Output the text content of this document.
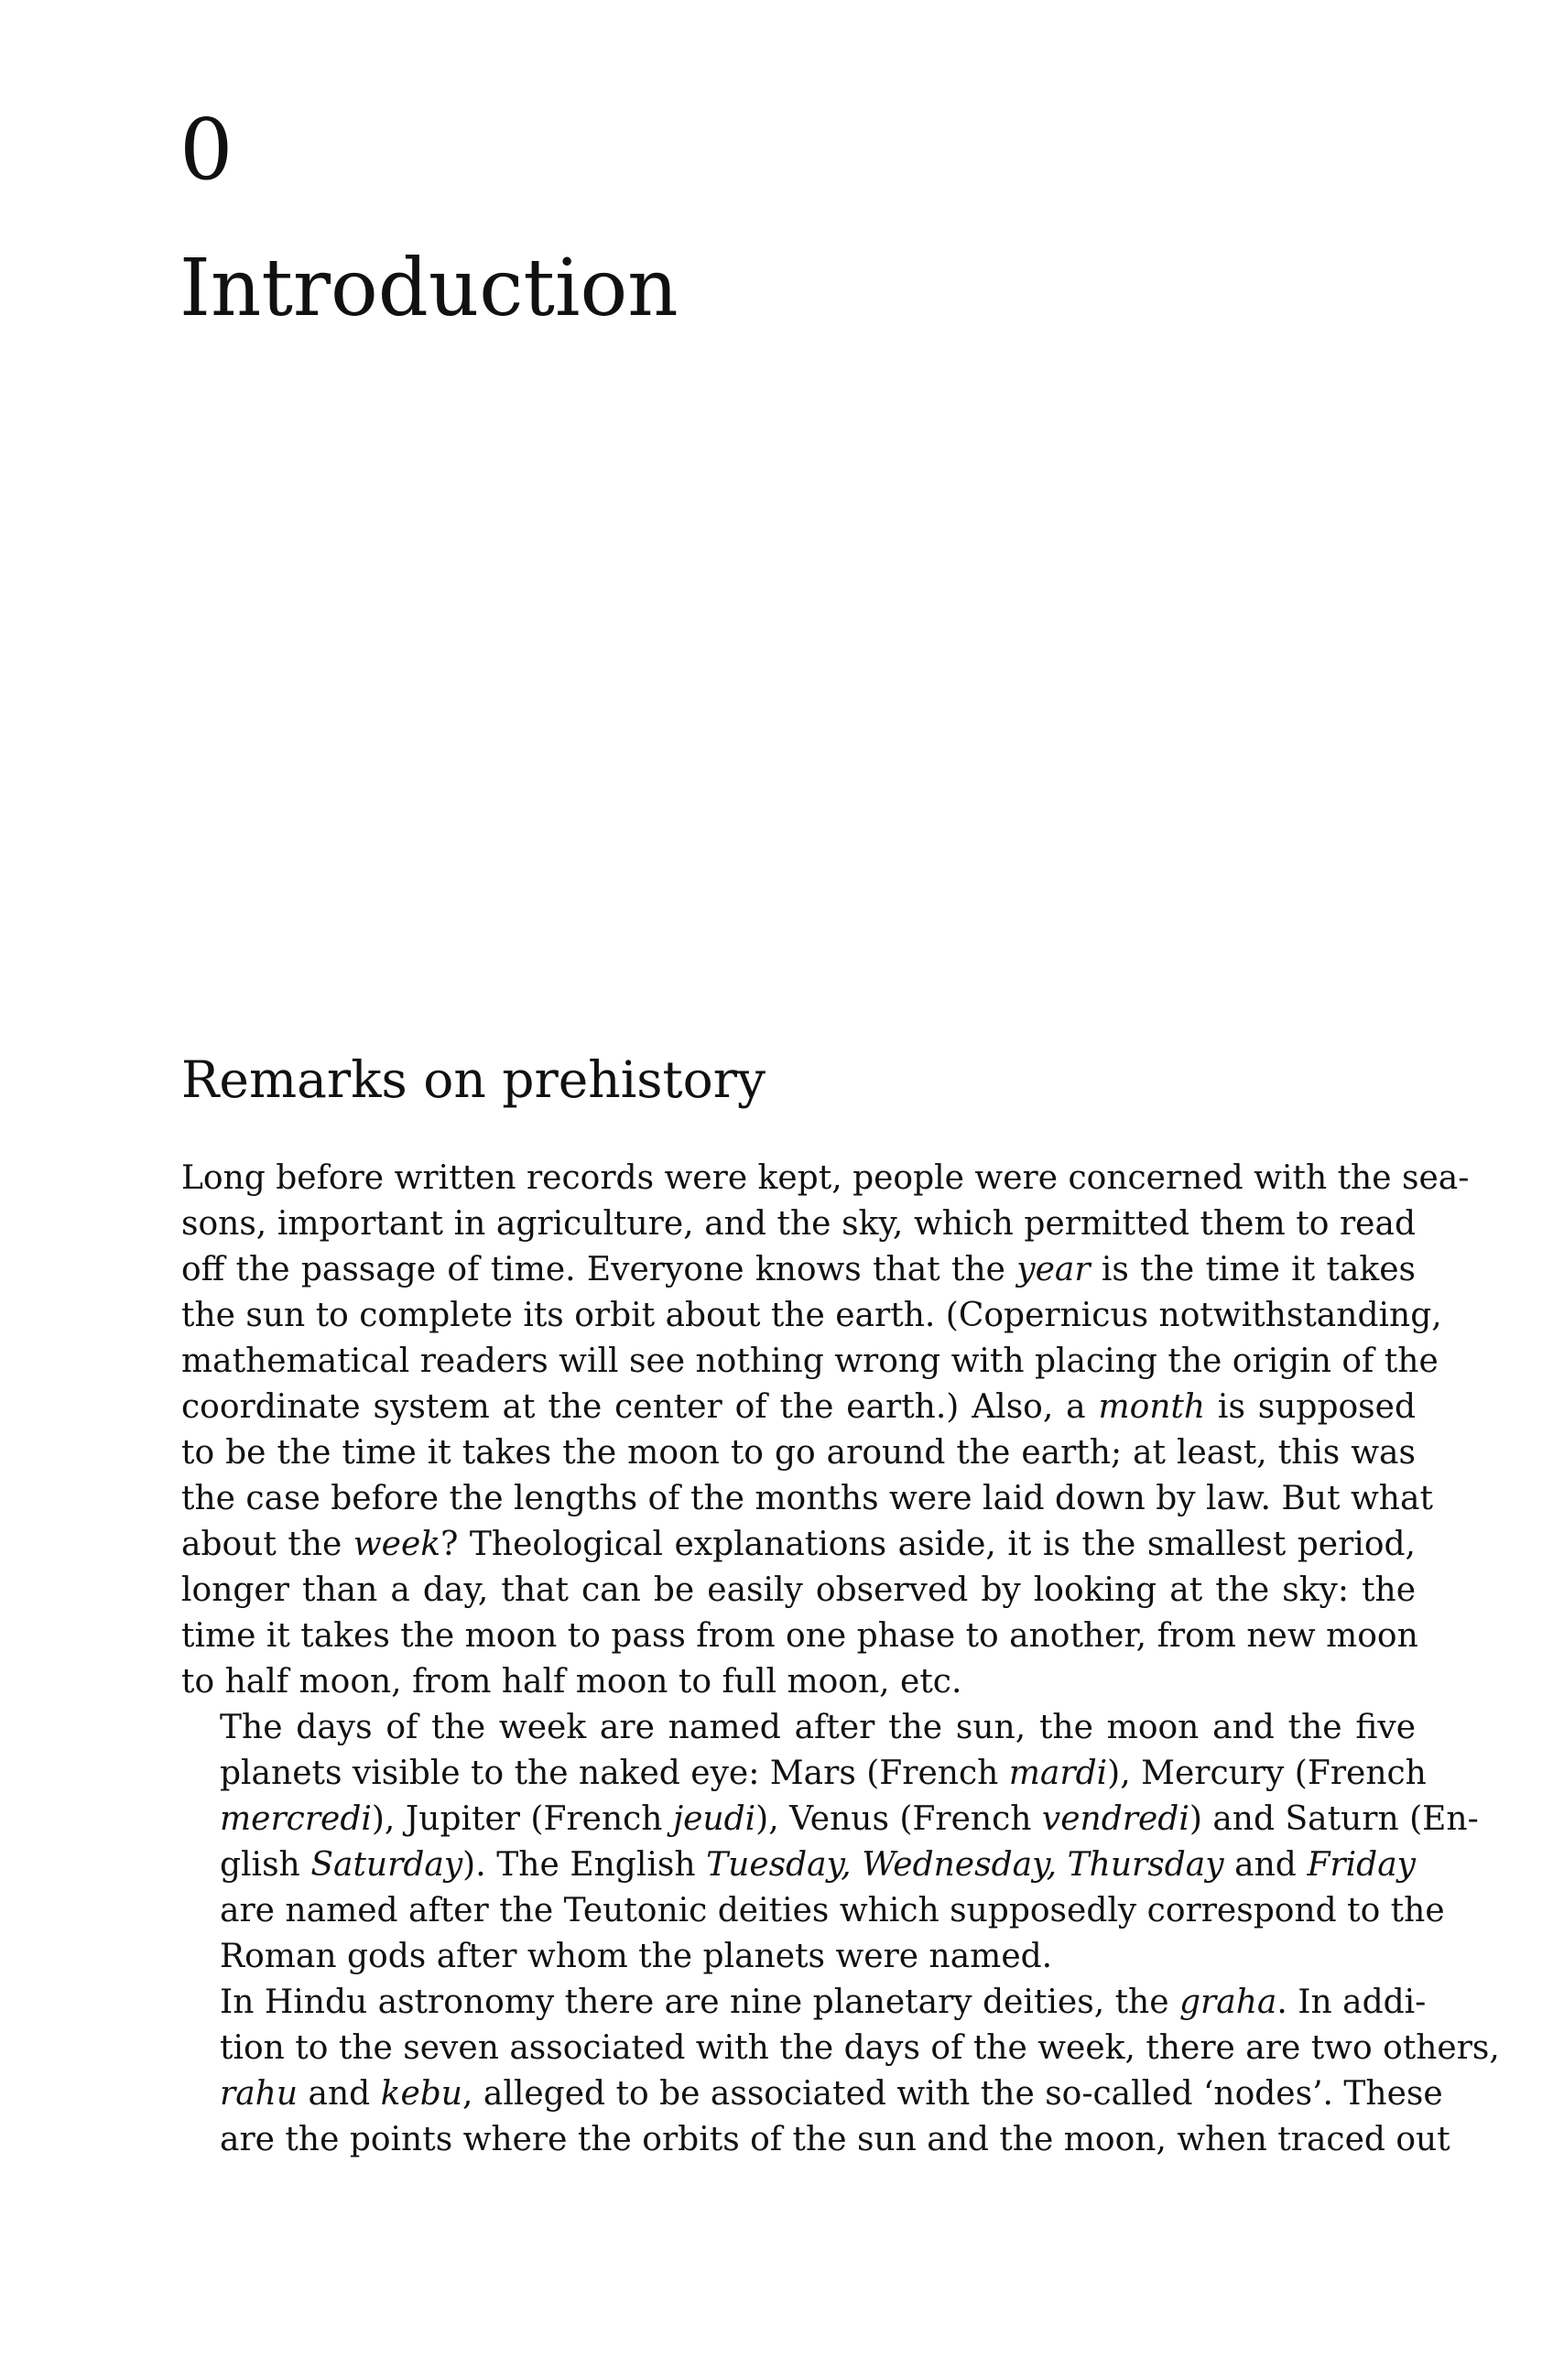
0
Introduction
Remarks on prehistory

Long before written records were kept, people were concerned with the sea-
sons, important in agriculture, and the sky, which permitted them to read
off the passage of time. Everyone knows that the year is the time it takes
the sun to complete its orbit about the earth. (Copernicus notwithstanding,
mathematical readers will see nothing wrong with placing the origin of the
coordinate system at the center of the earth.) Also, a month is supposed
to be the time it takes the moon to go around the earth; at least, this was
the case before the lengths of the months were laid down by law. But what
about the week? Theological explanations aside, it is the smallest period,
longer than a day, that can be easily observed by looking at the sky: the
time it takes the moon to pass from one phase to another, from new moon
to half moon, from half moon to full moon, etc.

The days of the week are named after the sun, the moon and the five
planets visible to the naked eye: Mars (French mardi), Mercury (French
mercredi), Jupiter (French jeudi), Venus (French vendredi) and Saturn (En-
glish Saturday). The English Tuesday, Wednesday, Thursday and Friday
are named after the Teutonic deities which supposedly correspond to the
Roman gods after whom the planets were named.

In Hindu astronomy there are nine planetary deities, the graha. In addi-
tion to the seven associated with the days of the week, there are two others,
rahu and kebu, alleged to be associated with the so-called ‘nodes’. These
are the points where the orbits of the sun and the moon, when traced out
